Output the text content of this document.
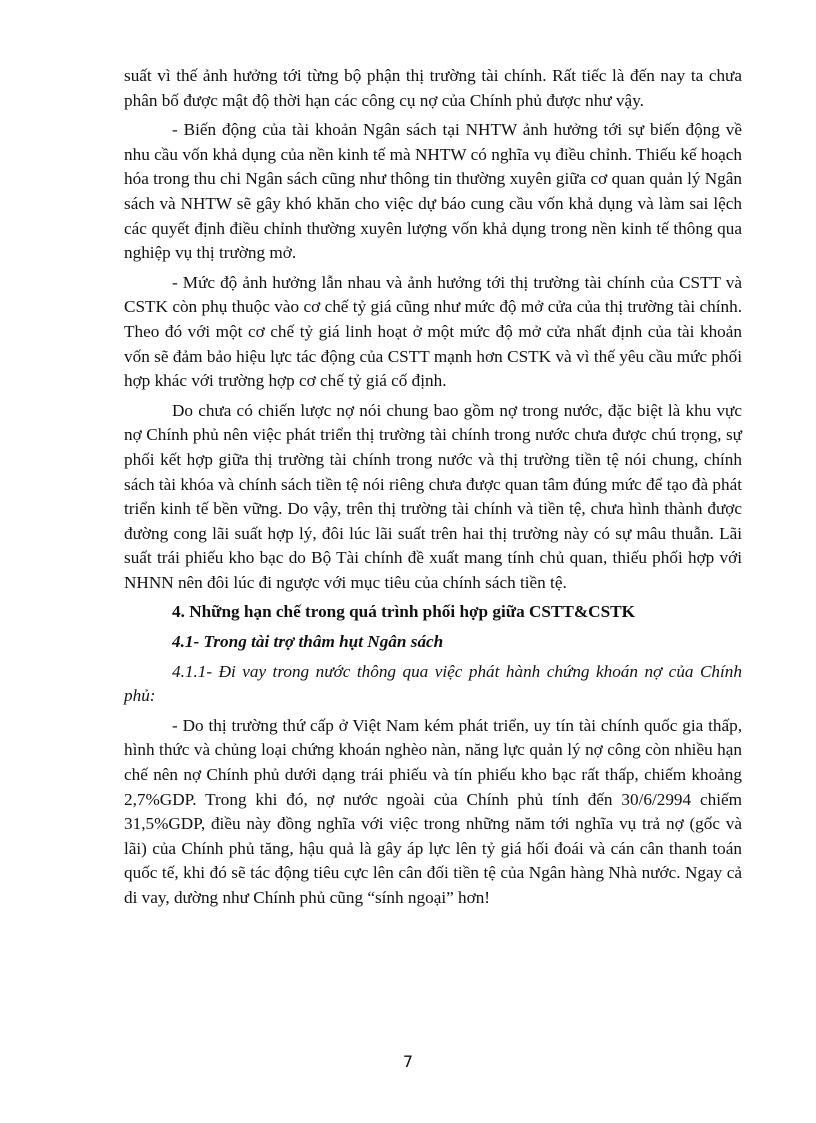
suất vì thế ảnh hưởng tới từng bộ phận thị trường tài chính. Rất tiếc là đến nay ta chưa phân bố được mật độ thời hạn các công cụ nợ của Chính phủ được như vậy.

- Biến động của tài khoản Ngân sách tại NHTW ảnh hưởng tới sự biến động về nhu cầu vốn khả dụng của nền kinh tế mà NHTW có nghĩa vụ điều chỉnh. Thiếu kế hoạch hóa trong thu chi Ngân sách cũng như thông tin thường xuyên giữa cơ quan quản lý Ngân sách và NHTW sẽ gây khó khăn cho việc dự báo cung cầu vốn khả dụng và làm sai lệch các quyết định điều chỉnh thường xuyên lượng vốn khả dụng trong nền kinh tế thông qua nghiệp vụ thị trường mở.

- Mức độ ảnh hưởng lẫn nhau và ảnh hưởng tới thị trường tài chính của CSTT và CSTK còn phụ thuộc vào cơ chế tỷ giá cũng như mức độ mở cửa của thị trường tài chính. Theo đó với một cơ chế tỷ giá linh hoạt ở một mức độ mở cửa nhất định của tài khoản vốn sẽ đảm bảo hiệu lực tác động của CSTT mạnh hơn CSTK và vì thế yêu cầu mức phối hợp khác với trường hợp cơ chế tỷ giá cố định.

Do chưa có chiến lược nợ nói chung bao gồm nợ trong nước, đặc biệt là khu vực nợ Chính phủ nên việc phát triển thị trường tài chính trong nước chưa được chú trọng, sự phối kết hợp giữa thị trường tài chính trong nước và thị trường tiền tệ nói chung, chính sách tài khóa và chính sách tiền tệ nói riêng chưa được quan tâm đúng mức để tạo đà phát triển kinh tế bền vững. Do vậy, trên thị trường tài chính và tiền tệ, chưa hình thành được đường cong lãi suất hợp lý, đôi lúc lãi suất trên hai thị trường này có sự mâu thuẫn. Lãi suất trái phiếu kho bạc do Bộ Tài chính đề xuất mang tính chủ quan, thiếu phối hợp với NHNN nên đôi lúc đi ngược với mục tiêu của chính sách tiền tệ.

4. Những hạn chế trong quá trình phối hợp giữa CSTT&CSTK

4.1- Trong tài trợ thâm hụt Ngân sách

4.1.1- Đi vay trong nước thông qua việc phát hành chứng khoán nợ của Chính phủ:

- Do thị trường thứ cấp ở Việt Nam kém phát triển, uy tín tài chính quốc gia thấp, hình thức và chủng loại chứng khoán nghèo nàn, năng lực quản lý nợ công còn nhiều hạn chế nên nợ Chính phủ dưới dạng trái phiếu và tín phiếu kho bạc rất thấp, chiếm khoảng 2,7%GDP. Trong khi đó, nợ nước ngoài của Chính phủ tính đến 30/6/2994 chiếm 31,5%GDP, điều này đồng nghĩa với việc trong những năm tới nghĩa vụ trả nợ (gốc và lãi) của Chính phủ tăng, hậu quả là gây áp lực lên tỷ giá hối đoái và cán cân thanh toán quốc tế, khi đó sẽ tác động tiêu cực lên cân đối tiền tệ của Ngân hàng Nhà nước. Ngay cả di vay, dường như Chính phủ cũng “sính ngoại” hơn!

7
